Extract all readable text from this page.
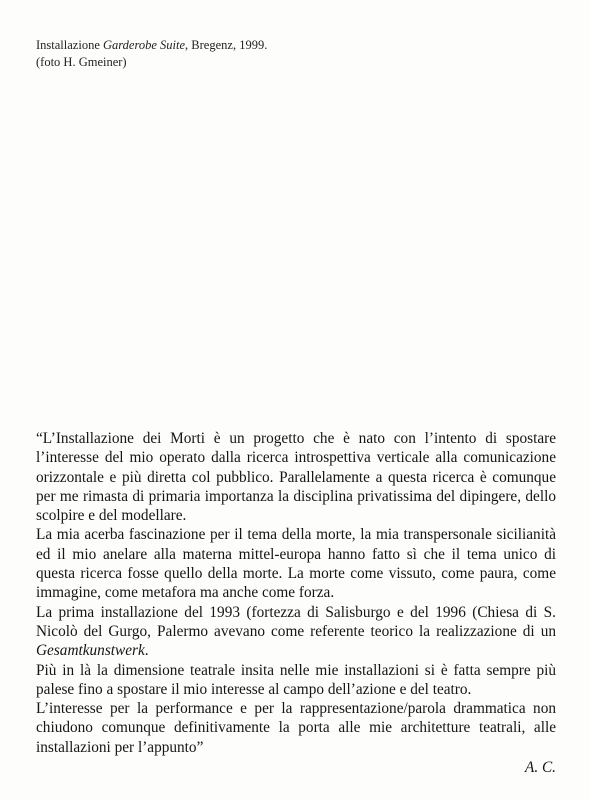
Installazione Garderobe Suite, Bregenz, 1999.
(foto H. Gmeiner)

“L’Installazione dei Morti è un progetto che è nato con l’intento di spostare l’interesse del mio operato dalla ricerca introspettiva verticale alla comunicazione orizzontale e più diretta col pubblico. Parallelamente a questa ricerca è comunque per me rimasta di primaria importanza la disciplina privatissima del dipingere, dello scolpire e del modellare.

La mia acerba fascinazione per il tema della morte, la mia transpersonale sicilianità ed il mio anelare alla materna mittel-europa hanno fatto sì che il tema unico di questa ricerca fosse quello della morte. La morte come vissuto, come paura, come immagine, come metafora ma anche come forza.

La prima installazione del 1993 (fortezza di Salisburgo e del 1996 (Chiesa di S. Nicolò del Gurgo, Palermo avevano come referente teorico la realizzazione di un Gesamtkunstwerk.

Più in là la dimensione teatrale insita nelle mie installazioni si è fatta sempre più palese fino a spostare il mio interesse al campo dell’azione e del teatro.

L’interesse per la performance e per la rappresentazione/parola drammatica non chiudono comunque definitivamente la porta alle mie architetture teatrali, alle installazioni per l’appunto”

A. C.
